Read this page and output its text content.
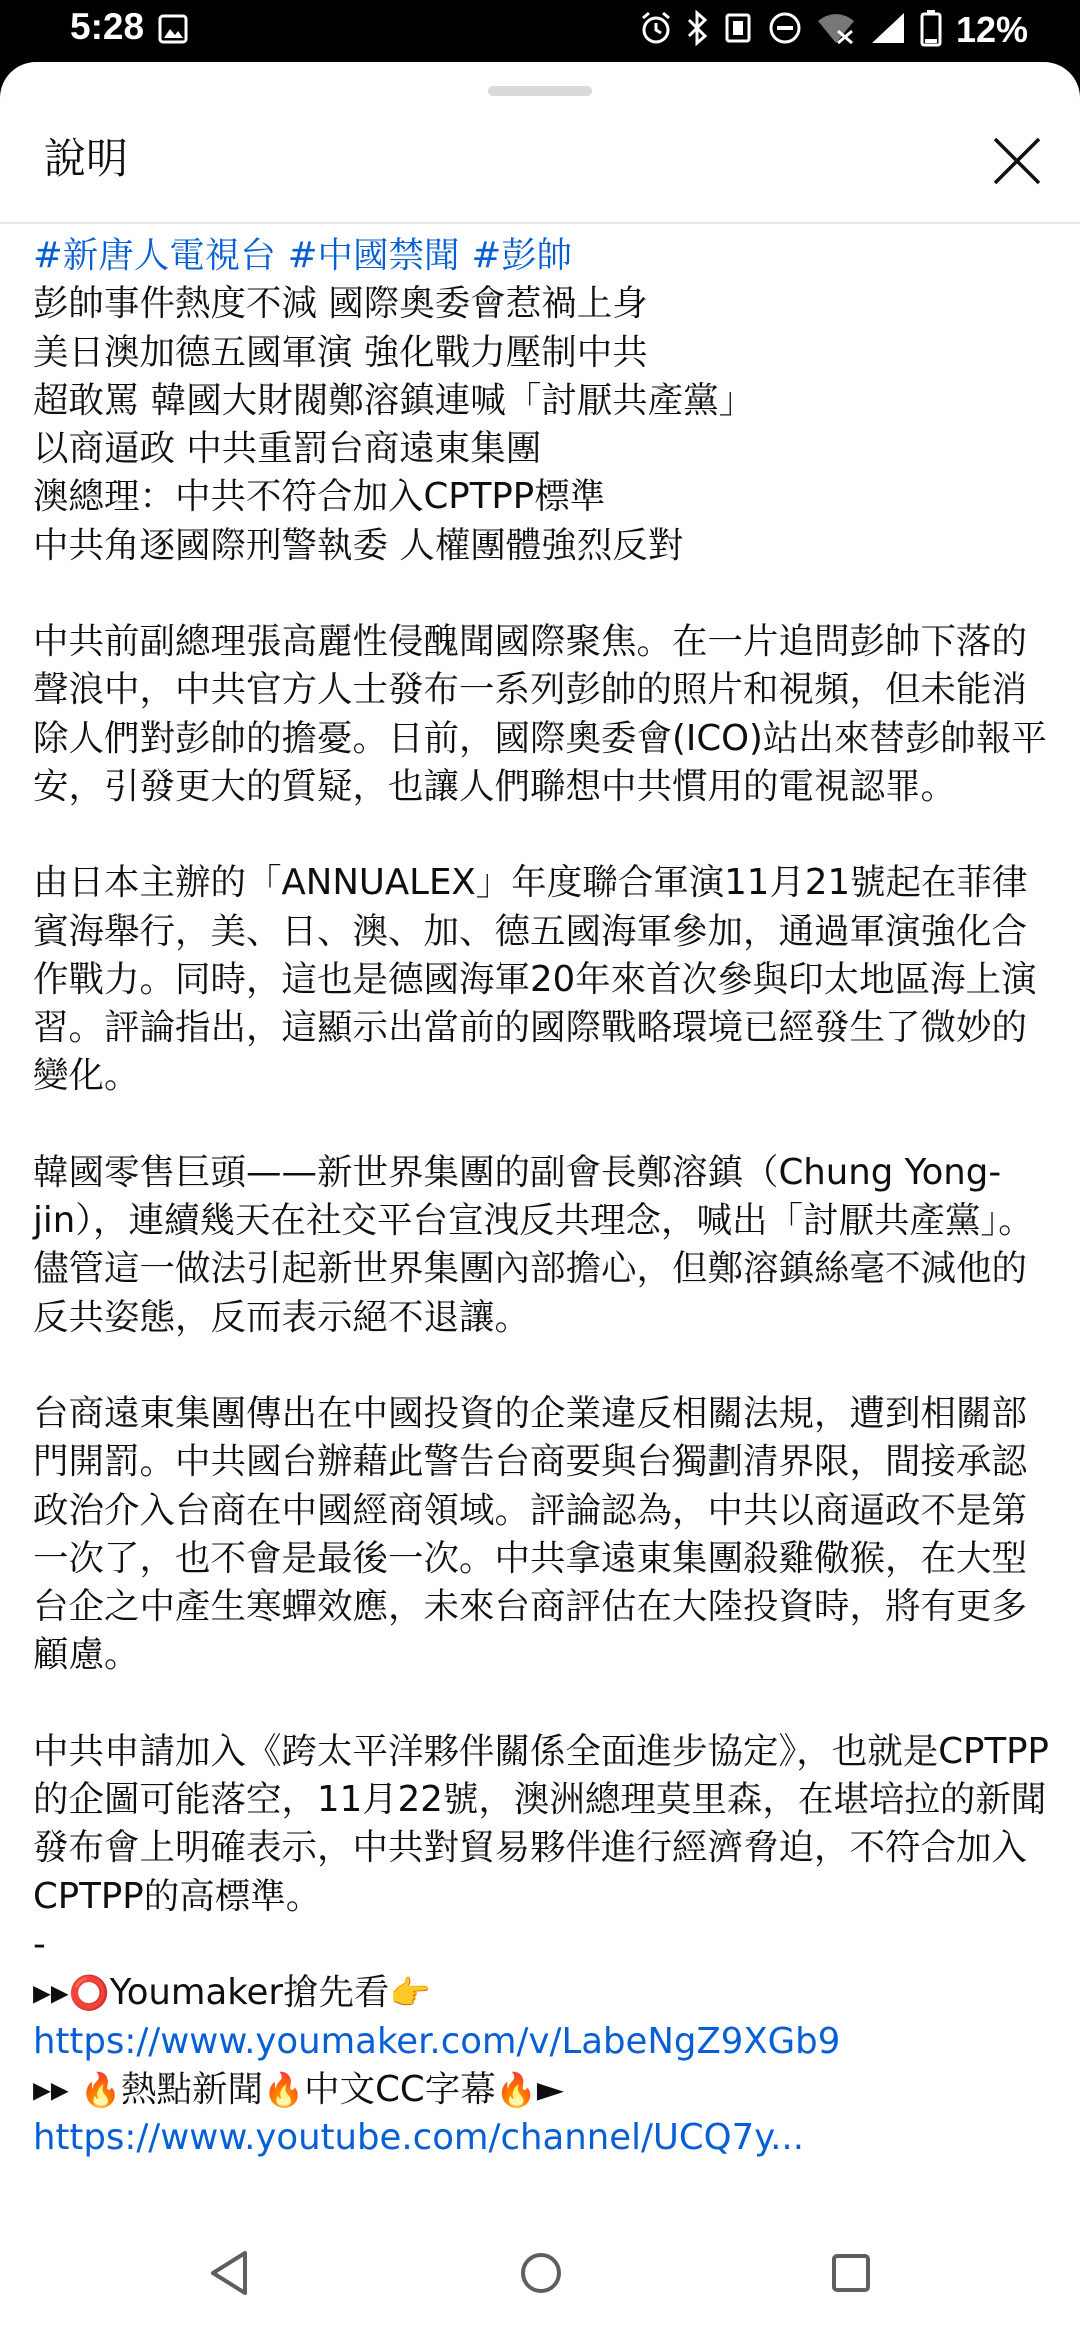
5:28	12%
說明

#新唐人電視台 #中國禁聞 #彭帥

彭帥事件熱度不減 國際奧委會惹禍上身

美日澳加德五國軍演 強化戰力壓制中共

超敢罵 韓國大財閥鄭溶鎮連喊「討厭共產黨」

以商逼政 中共重罰台商遠東集團

澳總理：中共不符合加入CPTPP標準

中共角逐國際刑警執委 人權團體強烈反對

中共前副總理張高麗性侵醜聞國際聚焦。在一片追問彭帥下落的聲浪中，中共官方人士發布一系列彭帥的照片和視頻，但未能消除人們對彭帥的擔憂。日前，國際奧委會(ICO)站出來替彭帥報平安，引發更大的質疑，也讓人們聯想中共慣用的電視認罪。

由日本主辦的「ANNUALEX」年度聯合軍演11月21號起在菲律賓海舉行，美、日、澳、加、德五國海軍參加，通過軍演強化合作戰力。同時，這也是德國海軍20年來首次參與印太地區海上演習。評論指出，這顯示出當前的國際戰略環境已經發生了微妙的變化。

韓國零售巨頭——新世界集團的副會長鄭溶鎮（Chung Yong-jin），連續幾天在社交平台宣洩反共理念，喊出「討厭共產黨」。儘管這一做法引起新世界集團內部擔心，但鄭溶鎮絲毫不減他的反共姿態，反而表示絕不退讓。

台商遠東集團傳出在中國投資的企業違反相關法規，遭到相關部門開罰。中共國台辦藉此警告台商要與台獨劃清界限，間接承認政治介入台商在中國經商領域。評論認為，中共以商逼政不是第一次了，也不會是最後一次。中共拿遠東集團殺雞儆猴，在大型台企之中產生寒蟬效應，未來台商評估在大陸投資時，將有更多顧慮。

中共申請加入《跨太平洋夥伴關係全面進步協定》，也就是CPTPP的企圖可能落空，11月22號，澳洲總理莫里森，在堪培拉的新聞發布會上明確表示，中共對貿易夥伴進行經濟脅迫，不符合加入CPTPP的高標準。

-

▸▸⭕Youmaker搶先看👉

https://www.youmaker.com/v/LabeNgZ9XGb9

▸▸ 🔥熱點新聞🔥中文CC字幕🔥►

https://www.youtube.com/channel/UCQ7y...
